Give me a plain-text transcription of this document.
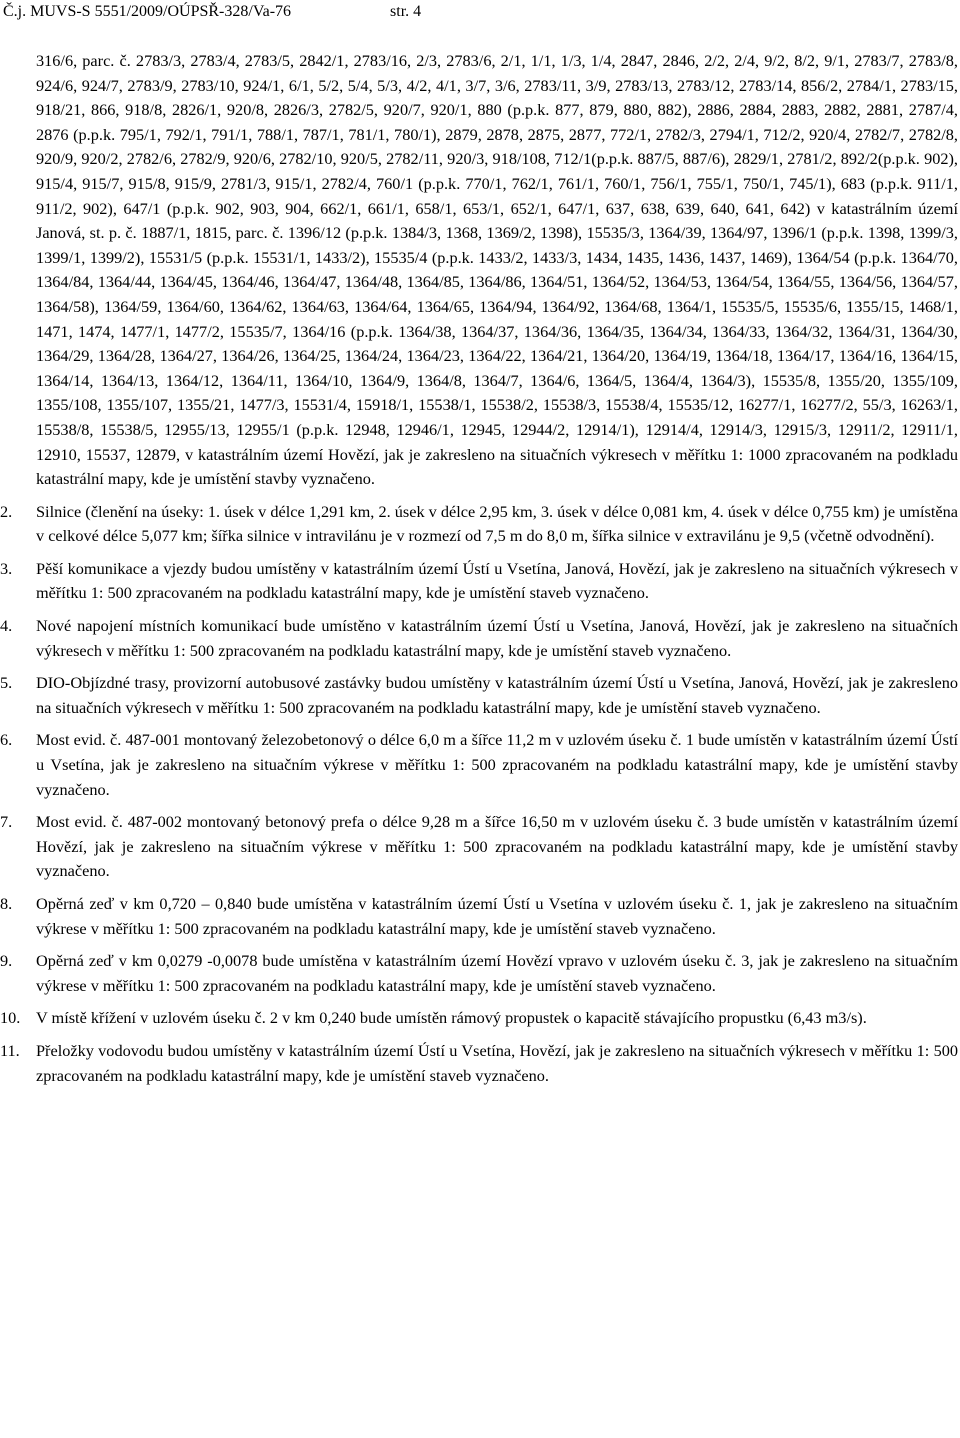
Č.j. MUVS-S 5551/2009/OÚPSŘ-328/Va-76	str. 4

316/6, parc. č. 2783/3, 2783/4, 2783/5, 2842/1, 2783/16, 2/3, 2783/6, 2/1, 1/1, 1/3, 1/4, 2847, 2846, 2/2, 2/4, 9/2, 8/2, 9/1, 2783/7, 2783/8, 924/6, 924/7, 2783/9, 2783/10, 924/1, 6/1, 5/2, 5/4, 5/3, 4/2, 4/1, 3/7, 3/6, 2783/11, 3/9, 2783/13, 2783/12, 2783/14, 856/2, 2784/1, 2783/15, 918/21, 866, 918/8, 2826/1, 920/8, 2826/3, 2782/5, 920/7, 920/1, 880 (p.p.k. 877, 879, 880, 882), 2886, 2884, 2883, 2882, 2881, 2787/4, 2876 (p.p.k. 795/1, 792/1, 791/1, 788/1, 787/1, 781/1, 780/1), 2879, 2878, 2875, 2877, 772/1, 2782/3, 2794/1, 712/2, 920/4, 2782/7, 2782/8, 920/9, 920/2, 2782/6, 2782/9, 920/6, 2782/10, 920/5, 2782/11, 920/3, 918/108, 712/1(p.p.k. 887/5, 887/6), 2829/1, 2781/2, 892/2(p.p.k. 902), 915/4, 915/7, 915/8, 915/9, 2781/3, 915/1, 2782/4, 760/1 (p.p.k. 770/1, 762/1, 761/1, 760/1, 756/1, 755/1, 750/1, 745/1), 683 (p.p.k. 911/1, 911/2, 902), 647/1 (p.p.k. 902, 903, 904, 662/1, 661/1, 658/1, 653/1, 652/1, 647/1, 637, 638, 639, 640, 641, 642) v katastrálním území Janová, st. p. č. 1887/1, 1815, parc. č. 1396/12 (p.p.k. 1384/3, 1368, 1369/2, 1398), 15535/3, 1364/39, 1364/97, 1396/1 (p.p.k. 1398, 1399/3, 1399/1, 1399/2), 15531/5 (p.p.k. 15531/1, 1433/2), 15535/4 (p.p.k. 1433/2, 1433/3, 1434, 1435, 1436, 1437, 1469), 1364/54 (p.p.k. 1364/70, 1364/84, 1364/44, 1364/45, 1364/46, 1364/47, 1364/48, 1364/85, 1364/86, 1364/51, 1364/52, 1364/53, 1364/54, 1364/55, 1364/56, 1364/57, 1364/58), 1364/59, 1364/60, 1364/62, 1364/63, 1364/64, 1364/65, 1364/94, 1364/92, 1364/68, 1364/1, 15535/5, 15535/6, 1355/15, 1468/1, 1471, 1474, 1477/1, 1477/2, 15535/7, 1364/16 (p.p.k. 1364/38, 1364/37, 1364/36, 1364/35, 1364/34, 1364/33, 1364/32, 1364/31, 1364/30, 1364/29, 1364/28, 1364/27, 1364/26, 1364/25, 1364/24, 1364/23, 1364/22, 1364/21, 1364/20, 1364/19, 1364/18, 1364/17, 1364/16, 1364/15, 1364/14, 1364/13, 1364/12, 1364/11, 1364/10, 1364/9, 1364/8, 1364/7, 1364/6, 1364/5, 1364/4, 1364/3), 15535/8, 1355/20, 1355/109, 1355/108, 1355/107, 1355/21, 1477/3, 15531/4, 15918/1, 15538/1, 15538/2, 15538/3, 15538/4, 15535/12, 16277/1, 16277/2, 55/3, 16263/1, 15538/8, 15538/5, 12955/13, 12955/1 (p.p.k. 12948, 12946/1, 12945, 12944/2, 12914/1), 12914/4, 12914/3, 12915/3, 12911/2, 12911/1, 12910, 15537, 12879, v katastrálním území Hovězí, jak je zakresleno na situačních výkresech v měřítku 1: 1000 zpracovaném na podkladu katastrální mapy, kde je umístění stavby vyznačeno.

2.	Silnice (členění na úseky: 1. úsek v délce 1,291 km, 2. úsek v délce 2,95 km, 3. úsek v délce 0,081 km, 4. úsek v délce 0,755 km) je umístěna v celkové délce 5,077 km; šířka silnice v intravilánu je v rozmezí od 7,5 m do 8,0 m, šířka silnice v extravilánu je 9,5 (včetně odvodnění).
3.	Pěší komunikace a vjezdy budou umístěny v katastrálním území Ústí u Vsetína, Janová, Hovězí, jak je zakresleno na situačních výkresech v měřítku 1: 500 zpracovaném na podkladu katastrální mapy, kde je umístění staveb vyznačeno.
4.	Nové napojení místních komunikací bude umístěno v katastrálním území Ústí u Vsetína, Janová, Hovězí, jak je zakresleno na situačních výkresech v měřítku 1: 500 zpracovaném na podkladu katastrální mapy, kde je umístění staveb vyznačeno.
5.	DIO-Objízdné trasy, provizorní autobusové zastávky budou umístěny v katastrálním území Ústí u Vsetína, Janová, Hovězí, jak je zakresleno na situačních výkresech v měřítku 1: 500 zpracovaném na podkladu katastrální mapy, kde je umístění staveb vyznačeno.
6.	Most evid. č. 487-001 montovaný železobetonový o délce 6,0 m a šířce 11,2 m v uzlovém úseku č. 1 bude umístěn v katastrálním území Ústí u Vsetína, jak je zakresleno na situačním výkrese v měřítku 1: 500 zpracovaném na podkladu katastrální mapy, kde je umístění stavby vyznačeno.
7.	Most evid. č. 487-002 montovaný betonový prefa o délce 9,28 m a šířce 16,50 m v uzlovém úseku č. 3 bude umístěn v katastrálním území Hovězí, jak je zakresleno na situačním výkrese v měřítku 1: 500 zpracovaném na podkladu katastrální mapy, kde je umístění stavby vyznačeno.
8.	Opěrná zeď v km 0,720 – 0,840 bude umístěna v katastrálním území Ústí u Vsetína v uzlovém úseku č. 1, jak je zakresleno na situačním výkrese v měřítku 1: 500 zpracovaném na podkladu katastrální mapy, kde je umístění staveb vyznačeno.
9.	Opěrná zeď v km 0,0279 -0,0078 bude umístěna v katastrálním území Hovězí vpravo v uzlovém úseku č. 3, jak je zakresleno na situačním výkrese v měřítku 1: 500 zpracovaném na podkladu katastrální mapy, kde je umístění staveb vyznačeno.
10. V místě křížení v uzlovém úseku č. 2 v km 0,240 bude umístěn rámový propustek o kapacitě stávajícího propustku (6,43 m3/s).
11. Přeložky vodovodu budou umístěny v katastrálním území Ústí u Vsetína, Hovězí, jak je zakresleno na situačních výkresech v měřítku 1: 500 zpracovaném na podkladu katastrální mapy, kde je umístění staveb vyznačeno.
